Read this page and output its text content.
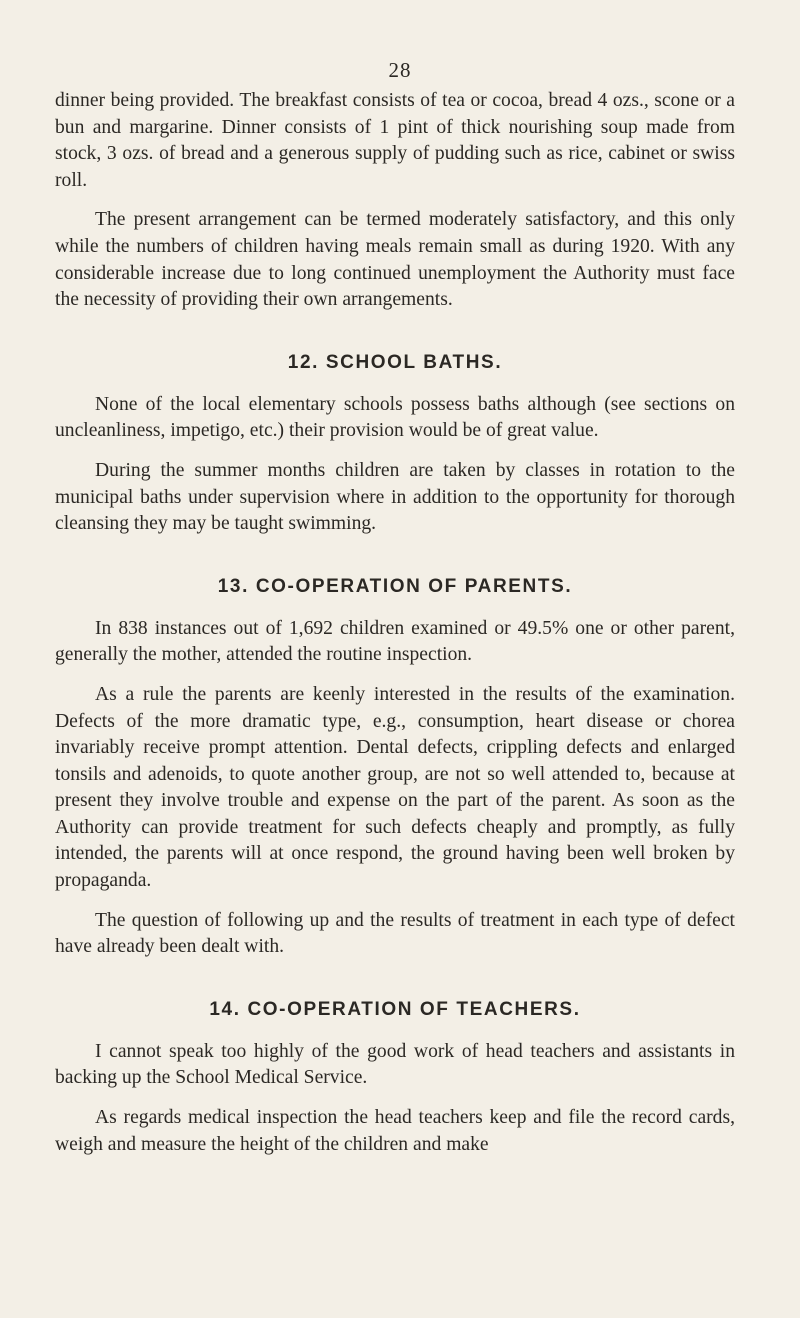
28

dinner being provided. The breakfast consists of tea or cocoa, bread 4 ozs., scone or a bun and margarine. Dinner consists of 1 pint of thick nourishing soup made from stock, 3 ozs. of bread and a generous supply of pudding such as rice, cabinet or swiss roll.

The present arrangement can be termed moderately satisfactory, and this only while the numbers of children having meals remain small as during 1920. With any considerable increase due to long continued unemployment the Authority must face the necessity of providing their own arrangements.

12. SCHOOL BATHS.

None of the local elementary schools possess baths although (see sections on uncleanliness, impetigo, etc.) their provision would be of great value.

During the summer months children are taken by classes in rotation to the municipal baths under supervision where in addition to the opportunity for thorough cleansing they may be taught swimming.

13. CO-OPERATION OF PARENTS.

In 838 instances out of 1,692 children examined or 49.5% one or other parent, generally the mother, attended the routine inspection.

As a rule the parents are keenly interested in the results of the examination. Defects of the more dramatic type, e.g., consumption, heart disease or chorea invariably receive prompt attention. Dental defects, crippling defects and enlarged tonsils and adenoids, to quote another group, are not so well attended to, because at present they involve trouble and expense on the part of the parent. As soon as the Authority can provide treatment for such defects cheaply and promptly, as fully intended, the parents will at once respond, the ground having been well broken by propaganda.

The question of following up and the results of treatment in each type of defect have already been dealt with.

14. CO-OPERATION OF TEACHERS.

I cannot speak too highly of the good work of head teachers and assistants in backing up the School Medical Service.

As regards medical inspection the head teachers keep and file the record cards, weigh and measure the height of the children and make
